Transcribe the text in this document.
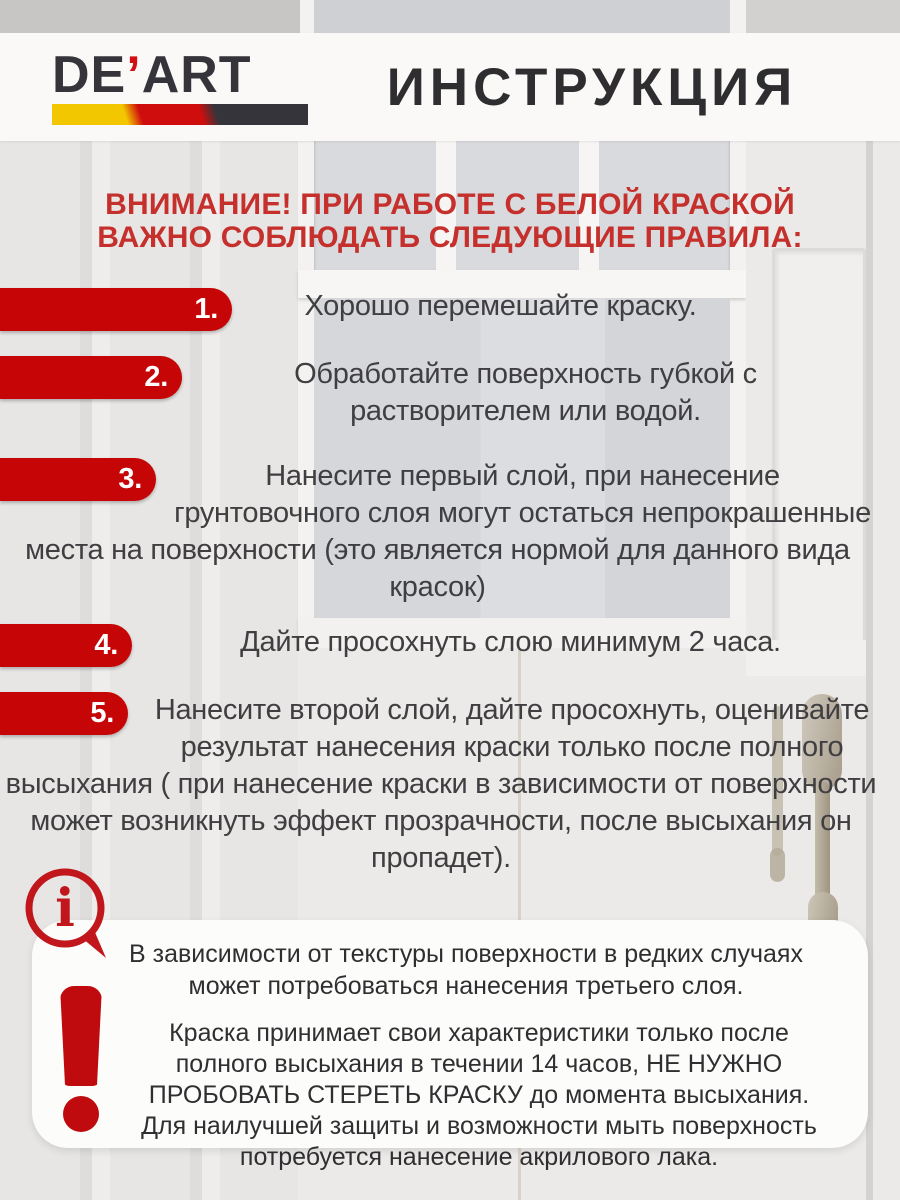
DE’ART	ИНСТРУКЦИЯ
ВНИМАНИЕ! ПРИ РАБОТЕ С БЕЛОЙ КРАСКОЙ
ВАЖНО СОБЛЮДАТЬ СЛЕДУЮЩИЕ ПРАВИЛА:
1.	Хорошо перемешайте краску.
2.	Обработайте поверхность губкой с растворителем или водой.
3.	Нанесите первый слой, при нанесение грунтовочного слоя могут остаться непрокрашенные места на поверхности (это является нормой для данного вида красок)
4.	Дайте просохнуть слою минимум 2 часа.
5. Нанесите второй слой, дайте просохнуть, оценивайте результат нанесения краски только после полного высыхания ( при нанесение краски в зависимости от поверхности может возникнуть эффект прозрачности, после высыхания он пропадет).
i
В зависимости от текстуры поверхности в редких случаях может потребоваться нанесения третьего слоя.
Краска принимает свои характеристики только после полного высыхания в течении 14 часов, НЕ НУЖНО ПРОБОВАТЬ СТЕРЕТЬ КРАСКУ до момента высыхания. Для наилучшей защиты и возможности мыть поверхность потребуется нанесение акрилового лака.
